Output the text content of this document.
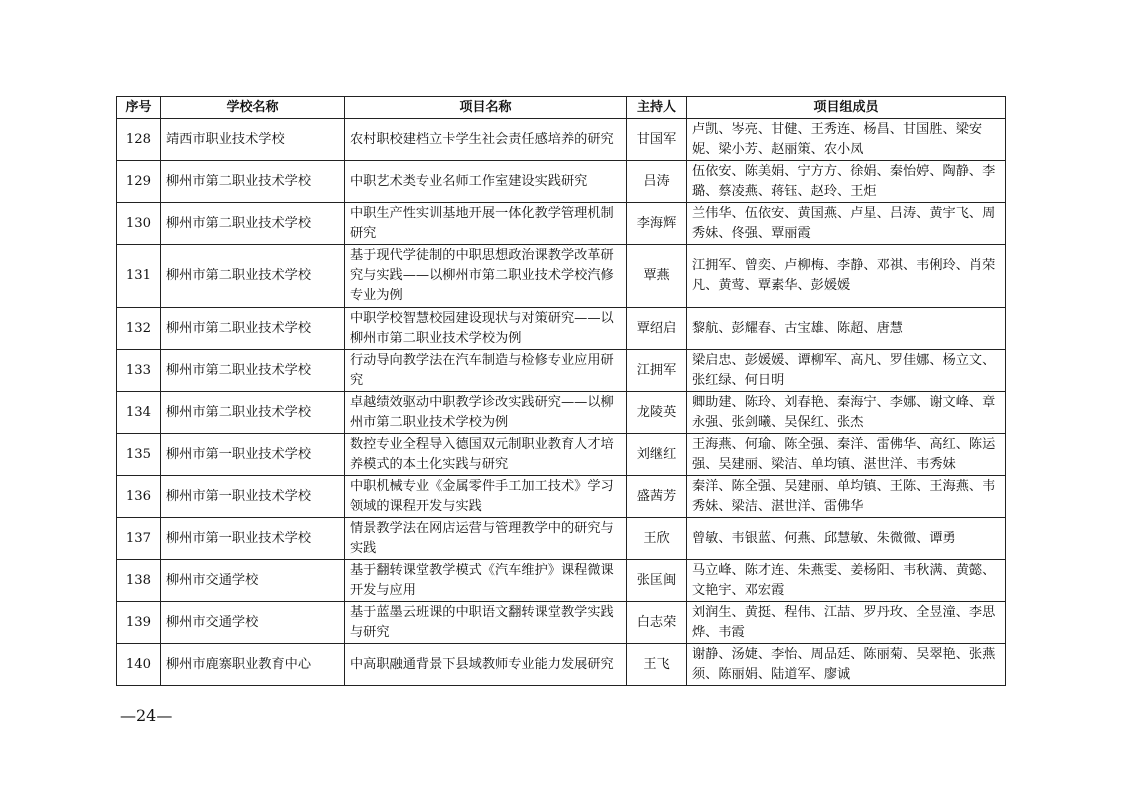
序号	学校名称	项目名称	主持人	项目组成员
128	靖西市职业技术学校	农村职校建档立卡学生社会责任感培养的研究	甘国军	卢凯、岑亮、甘健、王秀连、杨昌、甘国胜、梁安妮、梁小芳、赵丽策、农小凤
129	柳州市第二职业技术学校	中职艺术类专业名师工作室建设实践研究	吕涛	伍依安、陈美娟、宁方方、徐娟、秦怡婷、陶静、李璐、蔡凌燕、蒋钰、赵玲、王炬
130	柳州市第二职业技术学校	中职生产性实训基地开展一体化教学管理机制研究	李海辉	兰伟华、伍依安、黄国燕、卢星、吕涛、黄宇飞、周秀妹、佟强、覃丽霞
131	柳州市第二职业技术学校	基于现代学徒制的中职思想政治课教学改革研究与实践——以柳州市第二职业技术学校汽修专业为例	覃燕	江拥军、曾奕、卢柳梅、李静、邓祺、韦俐玲、肖荣凡、黄莺、覃素华、彭媛媛
132	柳州市第二职业技术学校	中职学校智慧校园建设现状与对策研究——以柳州市第二职业技术学校为例	覃绍启	黎航、彭耀春、古宝雄、陈超、唐慧
133	柳州市第二职业技术学校	行动导向教学法在汽车制造与检修专业应用研究	江拥军	梁启忠、彭媛媛、谭柳军、高凡、罗佳娜、杨立文、张红绿、何日明
134	柳州市第二职业技术学校	卓越绩效驱动中职教学诊改实践研究——以柳州市第二职业技术学校为例	龙陵英	卿助建、陈玲、刘春艳、秦海宁、李娜、谢文峰、章永强、张剑曦、吴保红、张杰
135	柳州市第一职业技术学校	数控专业全程导入德国双元制职业教育人才培养模式的本土化实践与研究	刘继红	王海燕、何瑜、陈全强、秦洋、雷佛华、高红、陈运强、吴建丽、梁洁、单均镇、湛世洋、韦秀妹
136	柳州市第一职业技术学校	中职机械专业《金属零件手工加工技术》学习领域的课程开发与实践	盛茜芳	秦洋、陈全强、吴建丽、单均镇、王陈、王海燕、韦秀妹、梁洁、湛世洋、雷佛华
137	柳州市第一职业技术学校	情景教学法在网店运营与管理教学中的研究与实践	王欣	曾敏、韦银蓝、何燕、邱慧敏、朱微微、谭勇
138	柳州市交通学校	基于翻转课堂教学模式《汽车维护》课程微课开发与应用	张匡闽	马立峰、陈才连、朱燕雯、姜杨阳、韦秋满、黄懿、文艳宇、邓宏霞
139	柳州市交通学校	基于蓝墨云班课的中职语文翻转课堂教学实践与研究	白志荣	刘润生、黄挺、程伟、江喆、罗丹玫、全昱潼、李思烨、韦霞
140	柳州市鹿寨职业教育中心	中高职融通背景下县域教师专业能力发展研究	王飞	谢静、汤婕、李怡、周品廷、陈丽菊、吴翠艳、张燕须、陈丽娟、陆道军、廖诚
—24—
